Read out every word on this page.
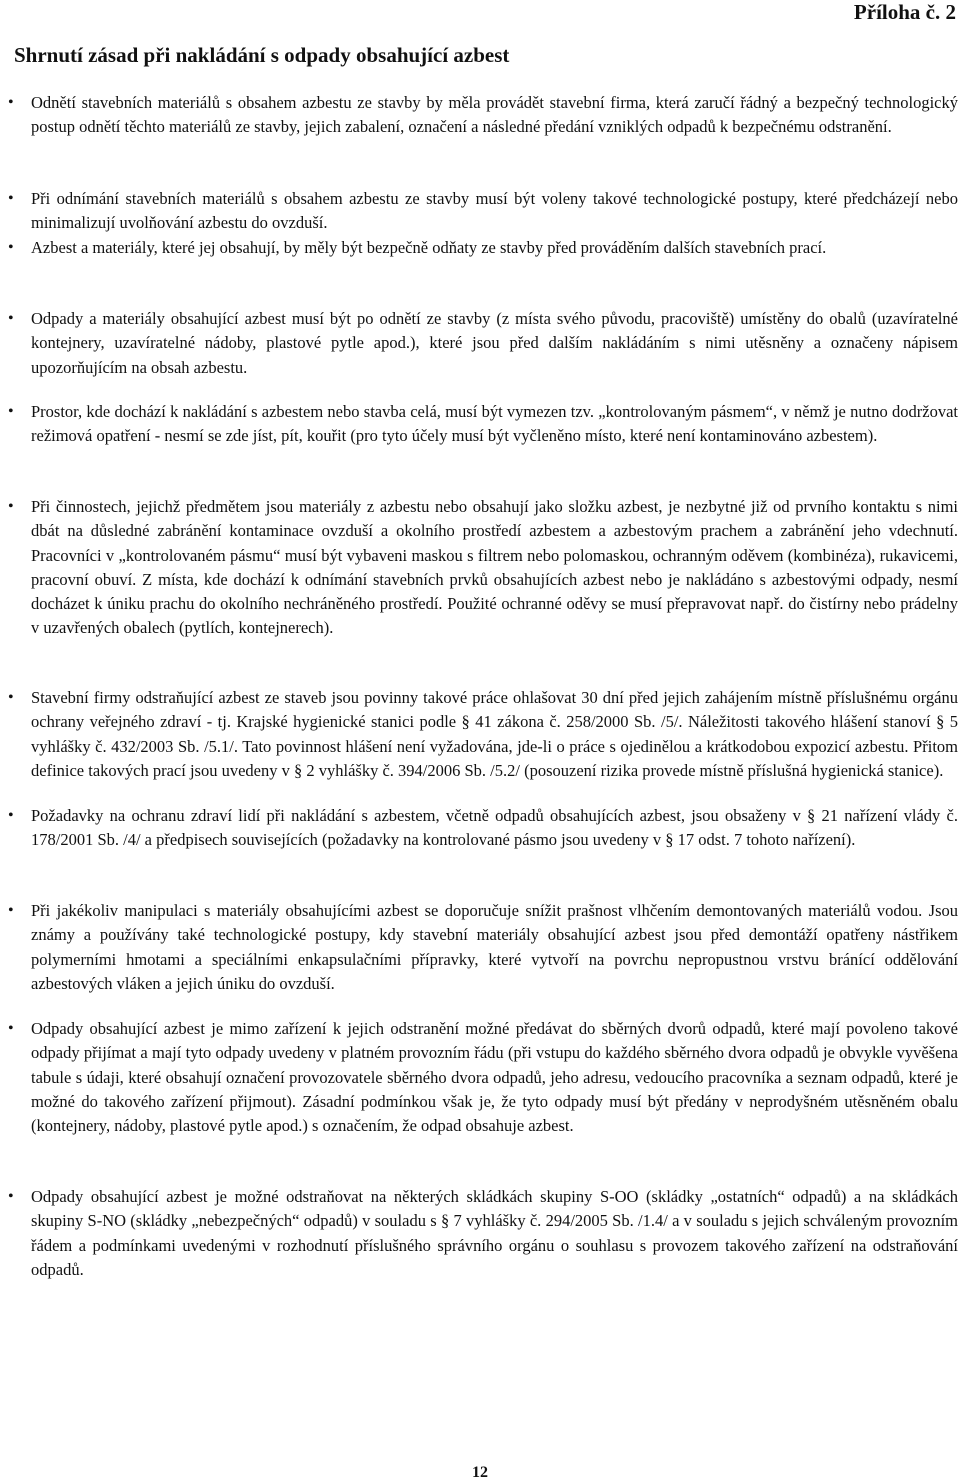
Příloha č. 2
Shrnutí zásad při nakládání s odpady obsahující azbest
• Odnětí stavebních materiálů s obsahem azbestu ze stavby by měla provádět stavební firma, která zaručí řádný a bezpečný technologický postup odnětí těchto materiálů ze stavby, jejich zabalení, označení a následné předání vzniklých odpadů k bezpečnému odstranění.
• Při odnímání stavebních materiálů s obsahem azbestu ze stavby musí být voleny takové technologické postupy, které předcházejí nebo minimalizují uvolňování azbestu do ovzduší.
• Azbest a materiály, které jej obsahují, by měly být bezpečně odňaty ze stavby před prováděním dalších stavebních prací.
• Odpady a materiály obsahující azbest musí být po odnětí ze stavby (z místa svého původu, pracoviště) umístěny do obalů (uzavíratelné kontejnery, uzavíratelné nádoby, plastové pytle apod.), které jsou před dalším nakládáním s nimi utěsněny a označeny nápisem upozorňujícím na obsah azbestu.
• Prostor, kde dochází k nakládání s azbestem nebo stavba celá, musí být vymezen tzv. „kontrolovaným pásmem“, v němž je nutno dodržovat režimová opatření - nesmí se zde jíst, pít, kouřit (pro tyto účely musí být vyčleněno místo, které není kontaminováno azbestem).
• Při činnostech, jejichž předmětem jsou materiály z azbestu nebo obsahují jako složku azbest, je nezbytné již od prvního kontaktu s nimi dbát na důsledné zabránění kontaminace ovzduší a okolního prostředí azbestem a azbestovým prachem a zabránění jeho vdechnutí. Pracovníci v „kontrolovaném pásmu“ musí být vybaveni maskou s filtrem nebo polomaskou, ochranným oděvem (kombinéza), rukavicemi, pracovní obuví. Z místa, kde dochází k odnímání stavebních prvků obsahujících azbest nebo je nakládáno s azbestovými odpady, nesmí docházet k úniku prachu do okolního nechráněného prostředí. Použité ochranné oděvy se musí přepravovat např. do čistírny nebo prádelny v uzavřených obalech (pytlích, kontejnerech).
• Stavební firmy odstraňující azbest ze staveb jsou povinny takové práce ohlašovat 30 dní před jejich zahájením místně příslušnému orgánu ochrany veřejného zdraví - tj. Krajské hygienické stanici podle § 41 zákona č. 258/2000 Sb. /5/. Náležitosti takového hlášení stanoví § 5 vyhlášky č. 432/2003 Sb. /5.1/. Tato povinnost hlášení není vyžadována, jde-li o práce s ojedinělou a krátkodobou expozicí azbestu. Přitom definice takových prací jsou uvedeny v § 2 vyhlášky č. 394/2006 Sb. /5.2/ (posouzení rizika provede místně příslušná hygienická stanice).
• Požadavky na ochranu zdraví lidí při nakládání s azbestem, včetně odpadů obsahujících azbest, jsou obsaženy v § 21 nařízení vlády č. 178/2001 Sb. /4/ a předpisech souvisejících (požadavky na kontrolované pásmo jsou uvedeny v § 17 odst. 7 tohoto nařízení).
• Při jakékoliv manipulaci s materiály obsahujícími azbest se doporučuje snížit prašnost vlhčením demontovaných materiálů vodou. Jsou známy a používány také technologické postupy, kdy stavební materiály obsahující azbest jsou před demontáží opatřeny nástřikem polymerními hmotami a speciálními enkapsulačními přípravky, které vytvoří na povrchu nepropustnou vrstvu bránící oddělování azbestových vláken a jejich úniku do ovzduší.
• Odpady obsahující azbest je mimo zařízení k jejich odstranění možné předávat do sběrných dvorů odpadů, které mají povoleno takové odpady přijímat a mají tyto odpady uvedeny v platném provozním řádu (při vstupu do každého sběrného dvora odpadů je obvykle vyvěšena tabule s údaji, které obsahují označení provozovatele sběrného dvora odpadů, jeho adresu, vedoucího pracovníka a seznam odpadů, které je možné do takového zařízení přijmout). Zásadní podmínkou však je, že tyto odpady musí být předány v neprodyšném utěsněném obalu (kontejnery, nádoby, plastové pytle apod.) s označením, že odpad obsahuje azbest.
• Odpady obsahující azbest je možné odstraňovat na některých skládkách skupiny S-OO (skládky „ostatních“ odpadů) a na skládkách skupiny S-NO (skládky „nebezpečných“ odpadů) v souladu s § 7 vyhlášky č. 294/2005 Sb. /1.4/ a v souladu s jejich schváleným provozním řádem a podmínkami uvedenými v rozhodnutí příslušného správního orgánu o souhlasu s provozem takového zařízení na odstraňování odpadů.
12
